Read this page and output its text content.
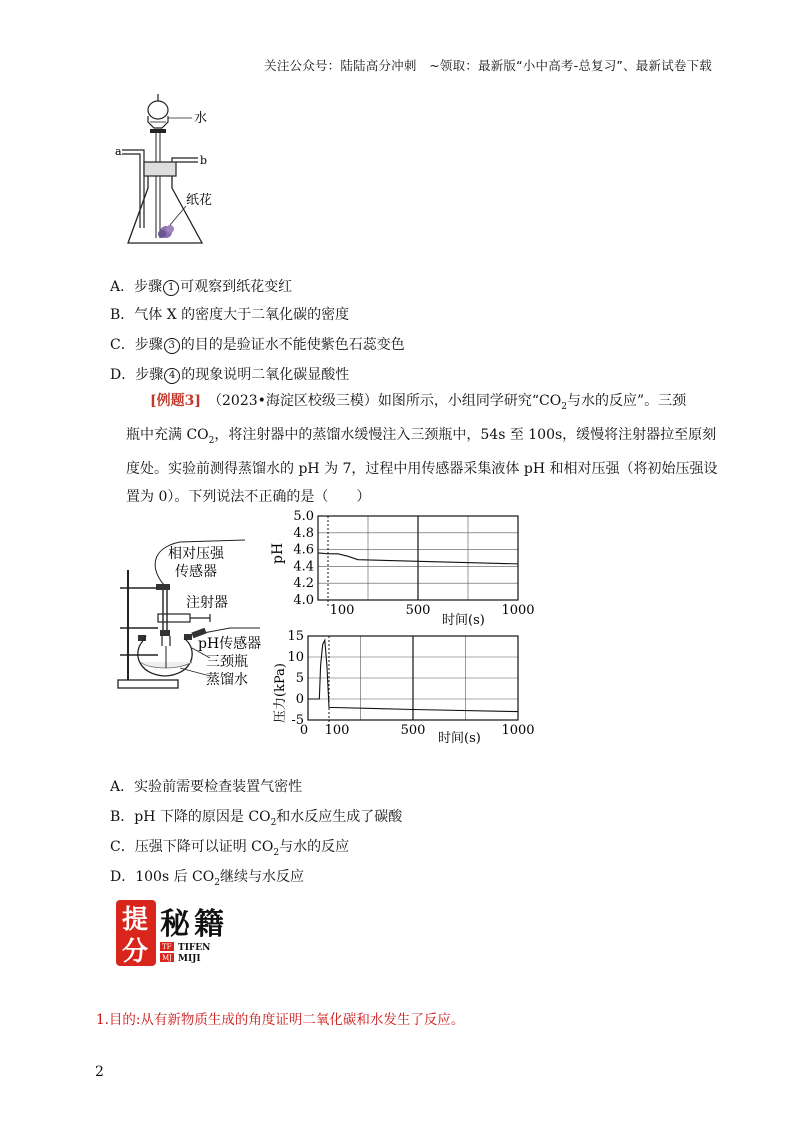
关注公众号：陆陆高分冲刺　~领取：最新版“小中高考-总复习”、最新试卷下载
水
a
b
纸花
A．步骤 1 可观察到纸花变红
B．气体 X 的密度大于二氧化碳的密度
C．步骤 3 的目的是验证水不能使紫色石蕊变色
D．步骤 4 的现象说明二氧化碳显酸性
[例题3]　 （2023•海淀区校级三模）如图所示，小组同学研究“$CO_2$与水的反应”。三颈
瓶中充满 $CO_2$，将注射器中的蒸馏水缓慢注入三颈瓶中，54s 至 100s，缓慢将注射器拉至原刻
度处。实验前测得蒸馏水的 pH 为 7，过程中用传感器采集液体 pH 和相对压强（将初始压强设
置为 0）。下列说法不正确的是（　　）
相对压强
传感器
注射器
pH传感器
三颈瓶
蒸馏水
pH
时间(s)
5.0
4.8
4.6
4.4
4.2
4.0
100	500	1000
压力(kPa)
时间(s)
15
10
5
0
-5
0 100	500	1000
A．实验前需要检查装置气密性
B．pH 下降的原因是 $CO_2$和水反应生成了碳酸
C．压强下降可以证明 $CO_2$与水的反应
D．100s 后 $CO_2$继续与水反应
提
分
秘 籍
TF
MJ
TIFEN
MIJI
1.目的:从有新物质生成的角度证明二氧化碳和水发生了反应。
2
